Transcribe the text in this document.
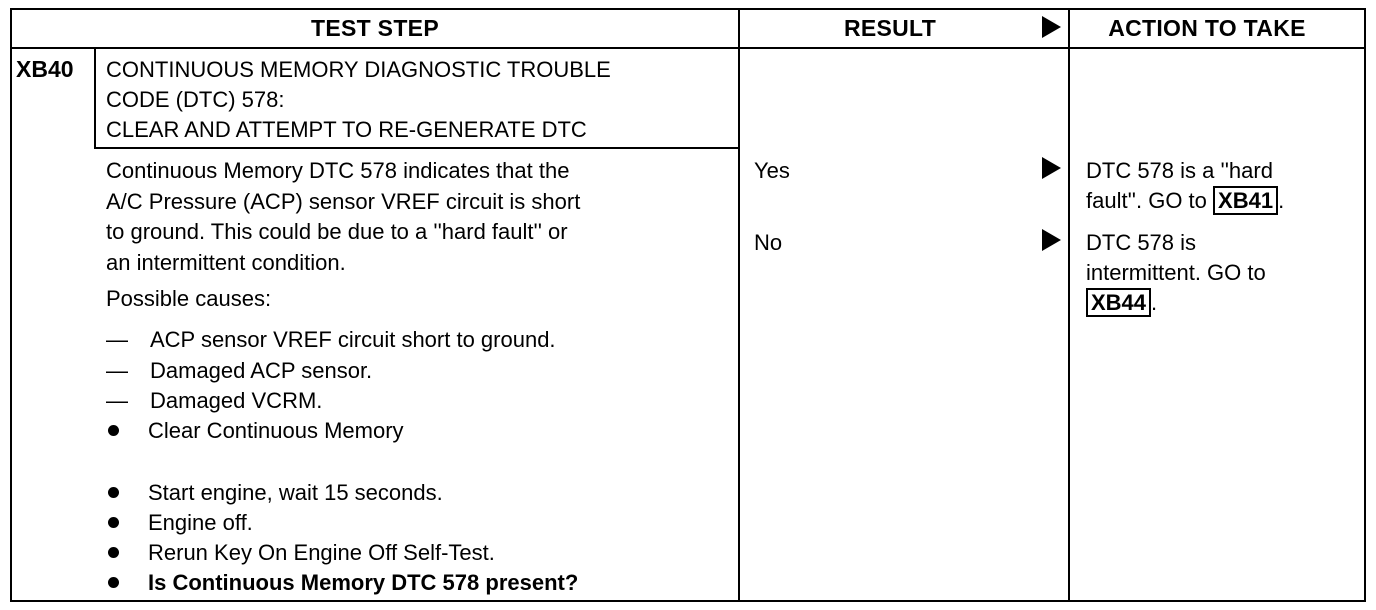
TEST STEP	RESULT	ACTION TO TAKE
XB40 CONTINUOUS MEMORY DIAGNOSTIC TROUBLE
CODE (DTC) 578:
CLEAR AND ATTEMPT TO RE-GENERATE DTC
Continuous Memory DTC 578 indicates that the
A/C Pressure (ACP) sensor VREF circuit is short
to ground. This could be due to a ''hard fault'' or
an intermittent condition.
Possible causes:
— ACP sensor VREF circuit short to ground.
— Damaged ACP sensor.
— Damaged VCRM.
Clear Continuous Memory
Start engine, wait 15 seconds.
Engine off.
Rerun Key On Engine Off Self-Test.
Is Continuous Memory DTC 578 present?
Yes
No
DTC 578 is a ''hard
fault''. GO to XB41 .
DTC 578 is
intermittent. GO to
XB44 .
